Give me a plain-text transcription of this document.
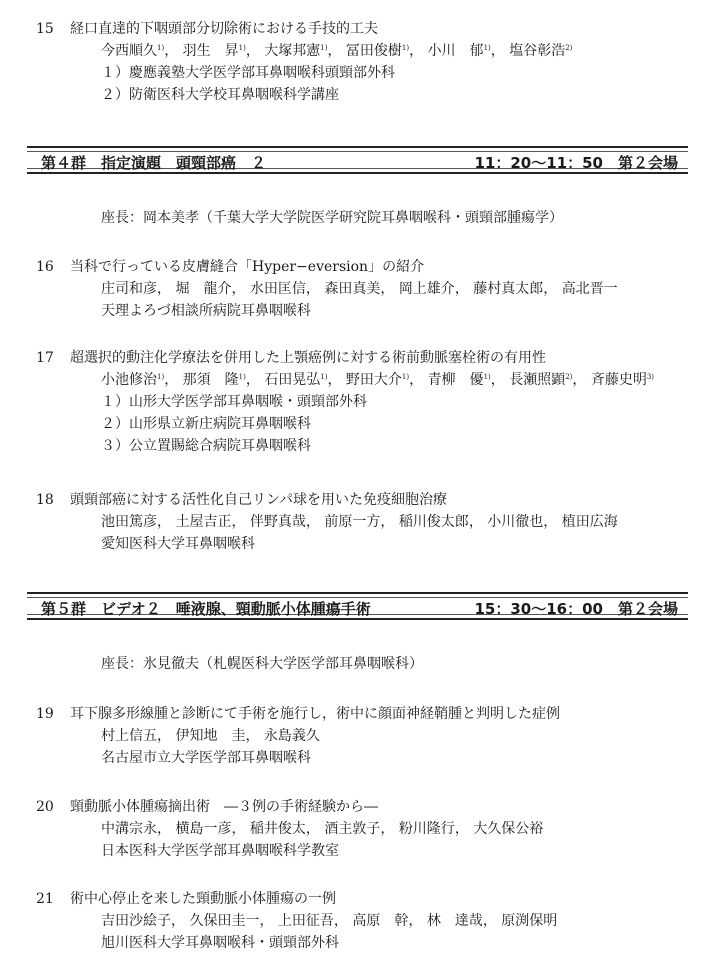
15 経口直達的下咽頭部分切除術における手技的工夫
今西順久$^{1)}$， 羽生　昇$^{1)}$， 大塚邦憲$^{1)}$， 冨田俊樹$^{1)}$， 小川　郁$^{1)}$， 塩谷彰浩$^{2)}$
１）慶應義塾大学医学部耳鼻咽喉科頭頸部外科
２）防衛医科大学校耳鼻咽喉科学講座
第４群　指定演題　頭頸部癌　２	11：20〜11：50　第２会場
座長：岡本美孝（千葉大学大学院医学研究院耳鼻咽喉科・頭頸部腫瘍学）
16 当科で行っている皮膚縫合「Hyper−eversion」の紹介
庄司和彦， 堀　龍介， 水田匡信， 森田真美， 岡上雄介， 藤村真太郎， 高北晋一
天理よろづ相談所病院耳鼻咽喉科
17 超選択的動注化学療法を併用した上顎癌例に対する術前動脈塞栓術の有用性
小池修治$^{1)}$， 那須　隆$^{1)}$， 石田晃弘$^{1)}$， 野田大介$^{1)}$， 青柳　優$^{1)}$， 長瀬照顕$^{2)}$， 斉藤史明$^{3)}$
１）山形大学医学部耳鼻咽喉・頭頸部外科
２）山形県立新庄病院耳鼻咽喉科
３）公立置賜総合病院耳鼻咽喉科
18 頭頸部癌に対する活性化自己リンパ球を用いた免疫細胞治療
池田篤彦， 土屋吉正， 伴野真哉， 前原一方， 稲川俊太郎， 小川徹也， 植田広海
愛知医科大学耳鼻咽喉科
第５群　ビデオ２　唾液腺、頸動脈小体腫瘍手術	15：30〜16：00　第２会場
座長：氷見徹夫（札幌医科大学医学部耳鼻咽喉科）
19 耳下腺多形線腫と診断にて手術を施行し，術中に顔面神経鞘腫と判明した症例
村上信五， 伊知地　圭， 永島義久
名古屋市立大学医学部耳鼻咽喉科
20 頸動脈小体腫瘍摘出術　―３例の手術経験から―
中溝宗永， 横島一彦， 稲井俊太， 酒主敦子， 粉川隆行， 大久保公裕
日本医科大学医学部耳鼻咽喉科学教室
21 術中心停止を来した頸動脈小体腫瘍の一例
吉田沙絵子， 久保田圭一， 上田征吾， 高原　幹， 林　達哉， 原渕保明
旭川医科大学耳鼻咽喉科・頭頸部外科
